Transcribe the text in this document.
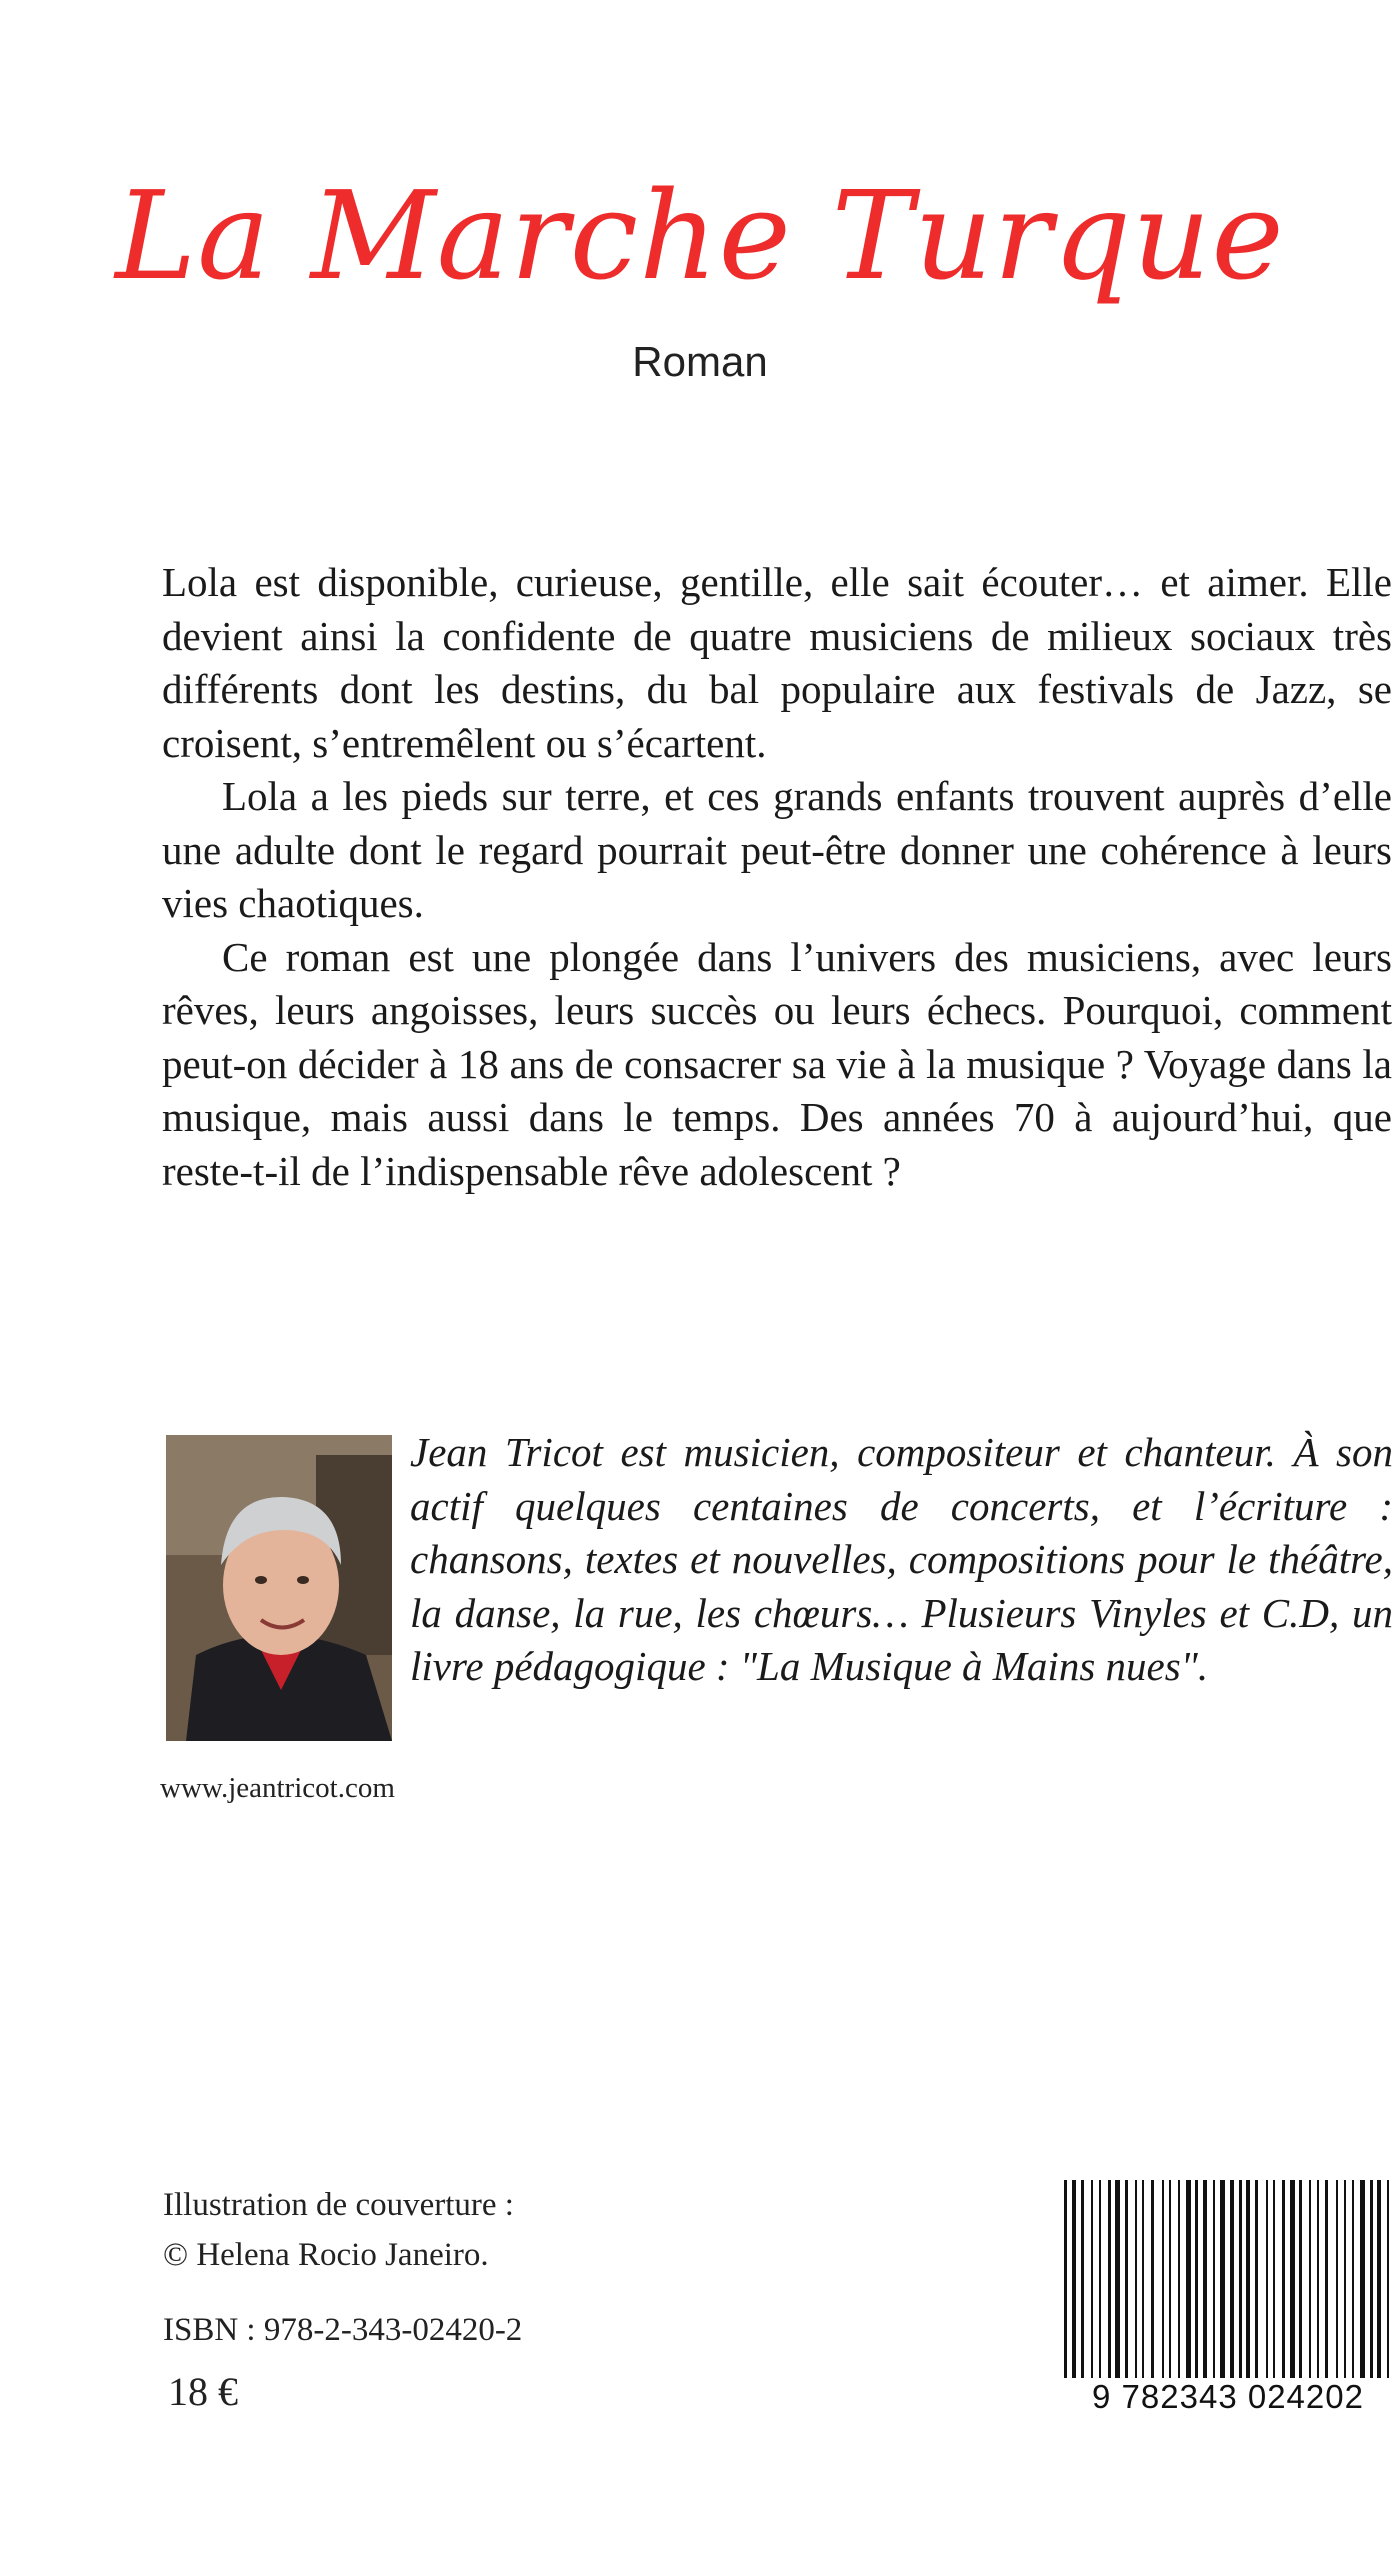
La Marche Turque
Roman

Lola est disponible, curieuse, gentille, elle sait écouter… et aimer. Elle devient ainsi la confidente de quatre musiciens de milieux sociaux très différents dont les destins, du bal populaire aux festivals de Jazz, se croisent, s’entremêlent ou s’écartent.

Lola a les pieds sur terre, et ces grands enfants trouvent auprès d’elle une adulte dont le regard pourrait peut-être donner une cohérence à leurs vies chaotiques.

Ce roman est une plongée dans l’univers des musiciens, avec leurs rêves, leurs angoisses, leurs succès ou leurs échecs. Pourquoi, comment peut-on décider à 18 ans de consacrer sa vie à la musique ? Voyage dans la musique, mais aussi dans le temps. Des années 70 à aujourd’hui, que reste-t-il de l’indispensable rêve adolescent ?

Jean Tricot est musicien, compositeur et chanteur. À son actif quelques centaines de concerts, et l’écriture : chansons, textes et nouvelles, compositions pour le théâtre, la danse, la rue, les chœurs… Plusieurs Vinyles et C.D, un livre pédagogique : "La Musique à Mains nues".
www.jeantricot.com
Illustration de couverture :
© Helena Rocio Janeiro.
ISBN : 978-2-343-02420-2
18 €	9 782343 024202
